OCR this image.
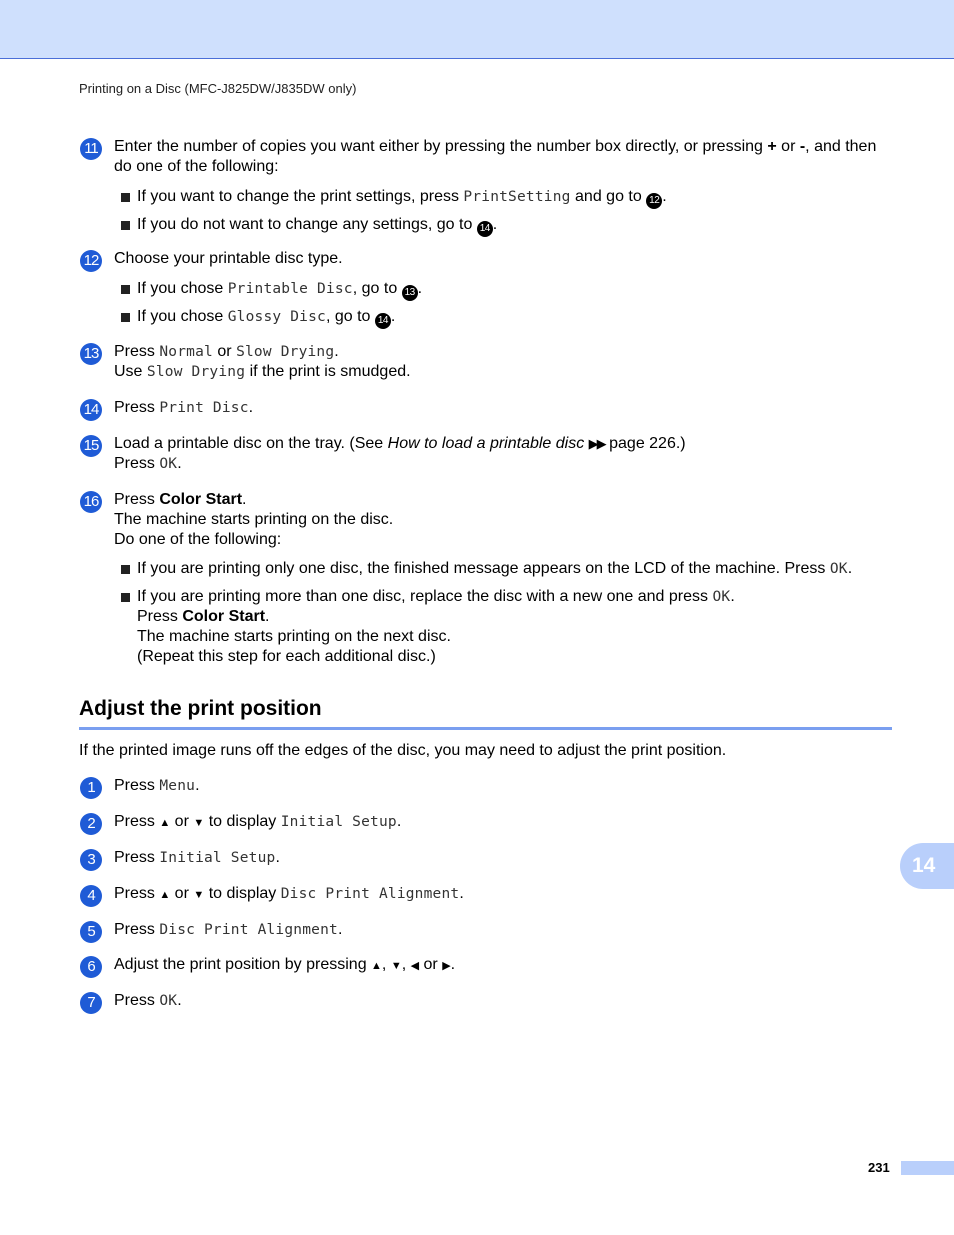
Printing on a Disc (MFC-J825DW/J835DW only)
11 Enter the number of copies you want either by pressing the number box directly, or pressing + or -, and then do one of the following:
If you want to change the print settings, press PrintSetting and go to 12 .
If you do not want to change any settings, go to 14 .
12 Choose your printable disc type.
If you chose Printable Disc, go to 13 .
If you chose Glossy Disc, go to 14 .
13 Press Normal or Slow Drying.
Use Slow Drying if the print is smudged.
14 Press Print Disc.
15 Load a printable disc on the tray. (See How to load a printable disc ▶▶ page 226.)
Press OK.
16 Press Color Start.
The machine starts printing on the disc.
Do one of the following:
If you are printing only one disc, the finished message appears on the LCD of the machine. Press OK.
If you are printing more than one disc, replace the disc with a new one and press OK.
Press Color Start.
The machine starts printing on the next disc.
(Repeat this step for each additional disc.)
Adjust the print position
If the printed image runs off the edges of the disc, you may need to adjust the print position.
1	Press Menu.
2	Press ▲ or ▼ to display Initial Setup.
3	Press Initial Setup.
4	Press ▲ or ▼ to display Disc Print Alignment.
5	Press Disc Print Alignment.
6	Adjust the print position by pressing ▲, ▼, ◀ or ▶.
7	Press OK.
14
231
